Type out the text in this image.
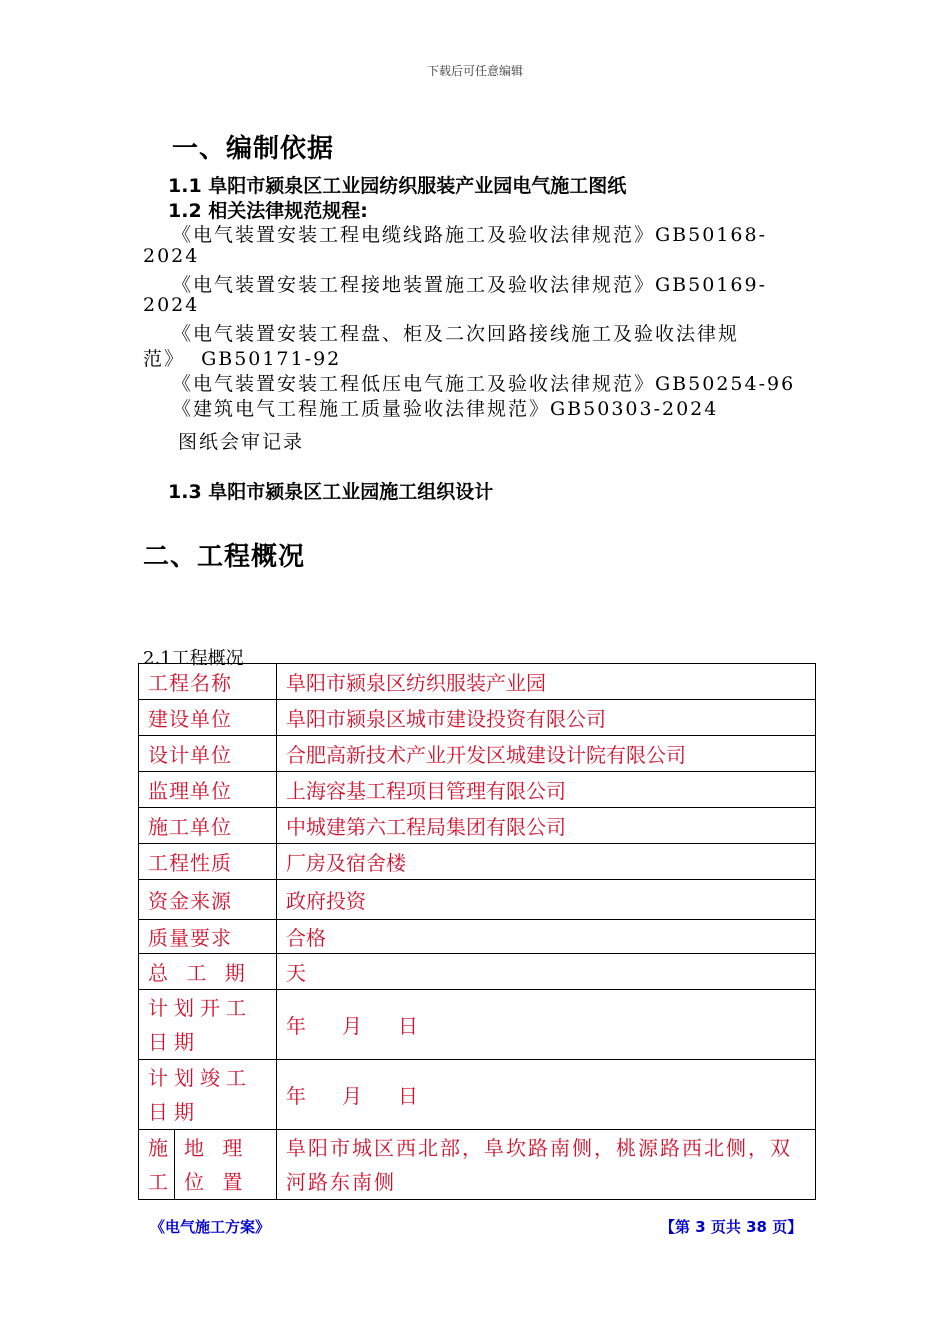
下载后可任意编辑
一、编制依据
1.1 阜阳市颍泉区工业园纺织服装产业园电气施工图纸
1.2 相关法律规范规程:
《电气装置安装工程电缆线路施工及验收法律规范》GB50168-
2024
《电气装置安装工程接地装置施工及验收法律规范》GB50169-
2024
《电气装置安装工程盘、柜及二次回路接线施工及验收法律规
范》  GB50171-92
《电气装置安装工程低压电气施工及验收法律规范》GB50254-96
《建筑电气工程施工质量验收法律规范》GB50303-2024
图纸会审记录
1.3 阜阳市颍泉区工业园施工组织设计
二、工程概况
2.1工程概况
工程名称		阜阳市颍泉区纺织服装产业园
建设单位		阜阳市颍泉区城市建设投资有限公司
设计单位		合肥高新技术产业开发区城建设计院有限公司
监理单位		上海容基工程项目管理有限公司
施工单位		中城建第六工程局集团有限公司
工程性质		厂房及宿舍楼
资金来源		政府投资
质量要求		合格
总 工 期		天
计划开工日期		年 月 日
计划竣工日期		年 月 日
施工	地 理 位 置	阜阳市城区西北部，阜坎路南侧，桃源路西北侧，双河路东南侧
《电气施工方案》	【第 3 页共 38 页】
